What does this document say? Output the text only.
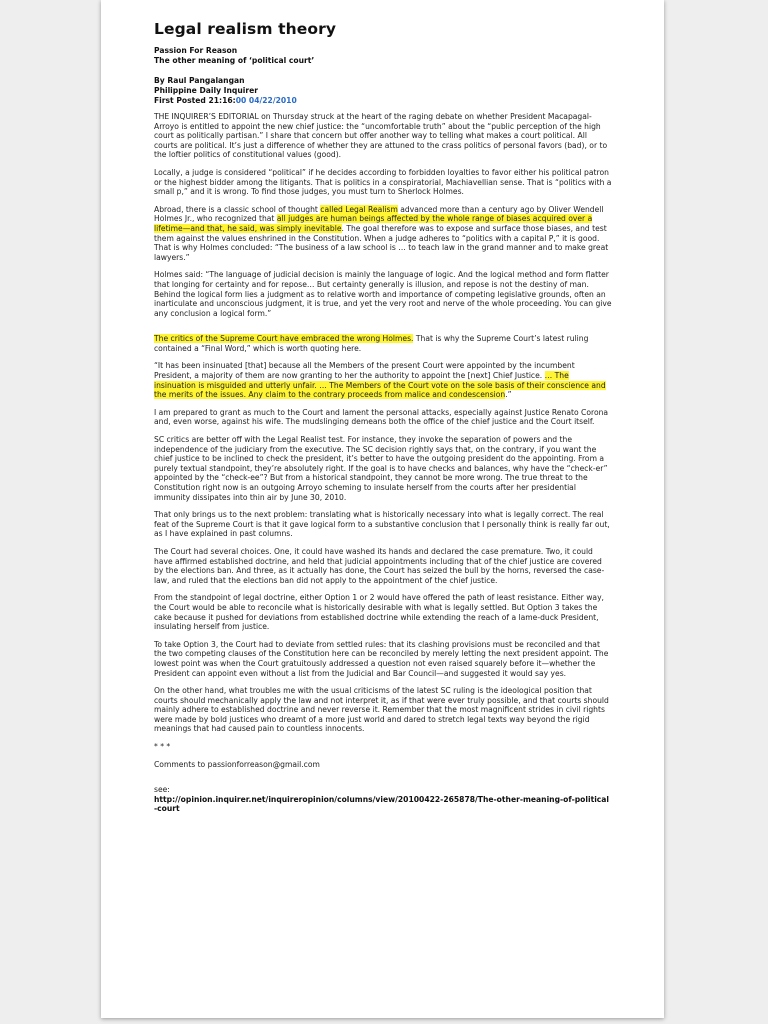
Legal realism theory
Passion For Reason
The other meaning of ‘political court’
By Raul Pangalangan
Philippine Daily Inquirer
First Posted 21:16:00 04/22/2010

THE INQUIRER’S EDITORIAL on Thursday struck at the heart of the raging debate on whether President Macapagal-Arroyo is entitled to appoint the new chief justice: the “uncomfortable truth” about the “public perception of the high court as politically partisan.” I share that concern but offer another way to telling what makes a court political. All courts are political. It’s just a difference of whether they are attuned to the crass politics of personal favors (bad), or to the loftier politics of constitutional values (good).

Locally, a judge is considered “political” if he decides according to forbidden loyalties to favor either his political patron or the highest bidder among the litigants. That is politics in a conspiratorial, Machiavellian sense. That is “politics with a small p,” and it is wrong. To find those judges, you must turn to Sherlock Holmes.

Abroad, there is a classic school of thought called Legal Realism advanced more than a century ago by Oliver Wendell Holmes Jr., who recognized that all judges are human beings affected by the whole range of biases acquired over a lifetime—and that, he said, was simply inevitable. The goal therefore was to expose and surface those biases, and test them against the values enshrined in the Constitution. When a judge adheres to “politics with a capital P,” it is good. That is why Holmes concluded: “The business of a law school is … to teach law in the grand manner and to make great lawyers.”

Holmes said: “The language of judicial decision is mainly the language of logic. And the logical method and form flatter that longing for certainty and for repose… But certainty generally is illusion, and repose is not the destiny of man. Behind the logical form lies a judgment as to relative worth and importance of competing legislative grounds, often an inarticulate and unconscious judgment, it is true, and yet the very root and nerve of the whole proceeding. You can give any conclusion a logical form.”

The critics of the Supreme Court have embraced the wrong Holmes. That is why the Supreme Court’s latest ruling contained a “Final Word,” which is worth quoting here.

“It has been insinuated [that] because all the Members of the present Court were appointed by the incumbent President, a majority of them are now granting to her the authority to appoint the [next] Chief Justice. … The insinuation is misguided and utterly unfair. … The Members of the Court vote on the sole basis of their conscience and the merits of the issues. Any claim to the contrary proceeds from malice and condescension.”

I am prepared to grant as much to the Court and lament the personal attacks, especially against Justice Renato Corona and, even worse, against his wife. The mudslinging demeans both the office of the chief justice and the Court itself.

SC critics are better off with the Legal Realist test. For instance, they invoke the separation of powers and the independence of the judiciary from the executive. The SC decision rightly says that, on the contrary, if you want the chief justice to be inclined to check the president, it’s better to have the outgoing president do the appointing. From a purely textual standpoint, they’re absolutely right. If the goal is to have checks and balances, why have the “check-er” appointed by the “check-ee”? But from a historical standpoint, they cannot be more wrong. The true threat to the Constitution right now is an outgoing Arroyo scheming to insulate herself from the courts after her presidential immunity dissipates into thin air by June 30, 2010.

That only brings us to the next problem: translating what is historically necessary into what is legally correct. The real feat of the Supreme Court is that it gave logical form to a substantive conclusion that I personally think is really far out, as I have explained in past columns.

The Court had several choices. One, it could have washed its hands and declared the case premature. Two, it could have affirmed established doctrine, and held that judicial appointments including that of the chief justice are covered by the elections ban. And three, as it actually has done, the Court has seized the bull by the horns, reversed the case-law, and ruled that the elections ban did not apply to the appointment of the chief justice.

From the standpoint of legal doctrine, either Option 1 or 2 would have offered the path of least resistance. Either way, the Court would be able to reconcile what is historically desirable with what is legally settled. But Option 3 takes the cake because it pushed for deviations from established doctrine while extending the reach of a lame-duck President, insulating herself from justice.

To take Option 3, the Court had to deviate from settled rules: that its clashing provisions must be reconciled and that the two competing clauses of the Constitution here can be reconciled by merely letting the next president appoint. The lowest point was when the Court gratuitously addressed a question not even raised squarely before it—whether the President can appoint even without a list from the Judicial and Bar Council—and suggested it would say yes.

On the other hand, what troubles me with the usual criticisms of the latest SC ruling is the ideological position that courts should mechanically apply the law and not interpret it, as if that were ever truly possible, and that courts should mainly adhere to established doctrine and never reverse it. Remember that the most magnificent strides in civil rights were made by bold justices who dreamt of a more just world and dared to stretch legal texts way beyond the rigid meanings that had caused pain to countless innocents.

* * *

Comments to passionforreason@gmail.com

see:

http://opinion.inquirer.net/inquireropinion/columns/view/20100422-265878/The-other-meaning-of-political-court
